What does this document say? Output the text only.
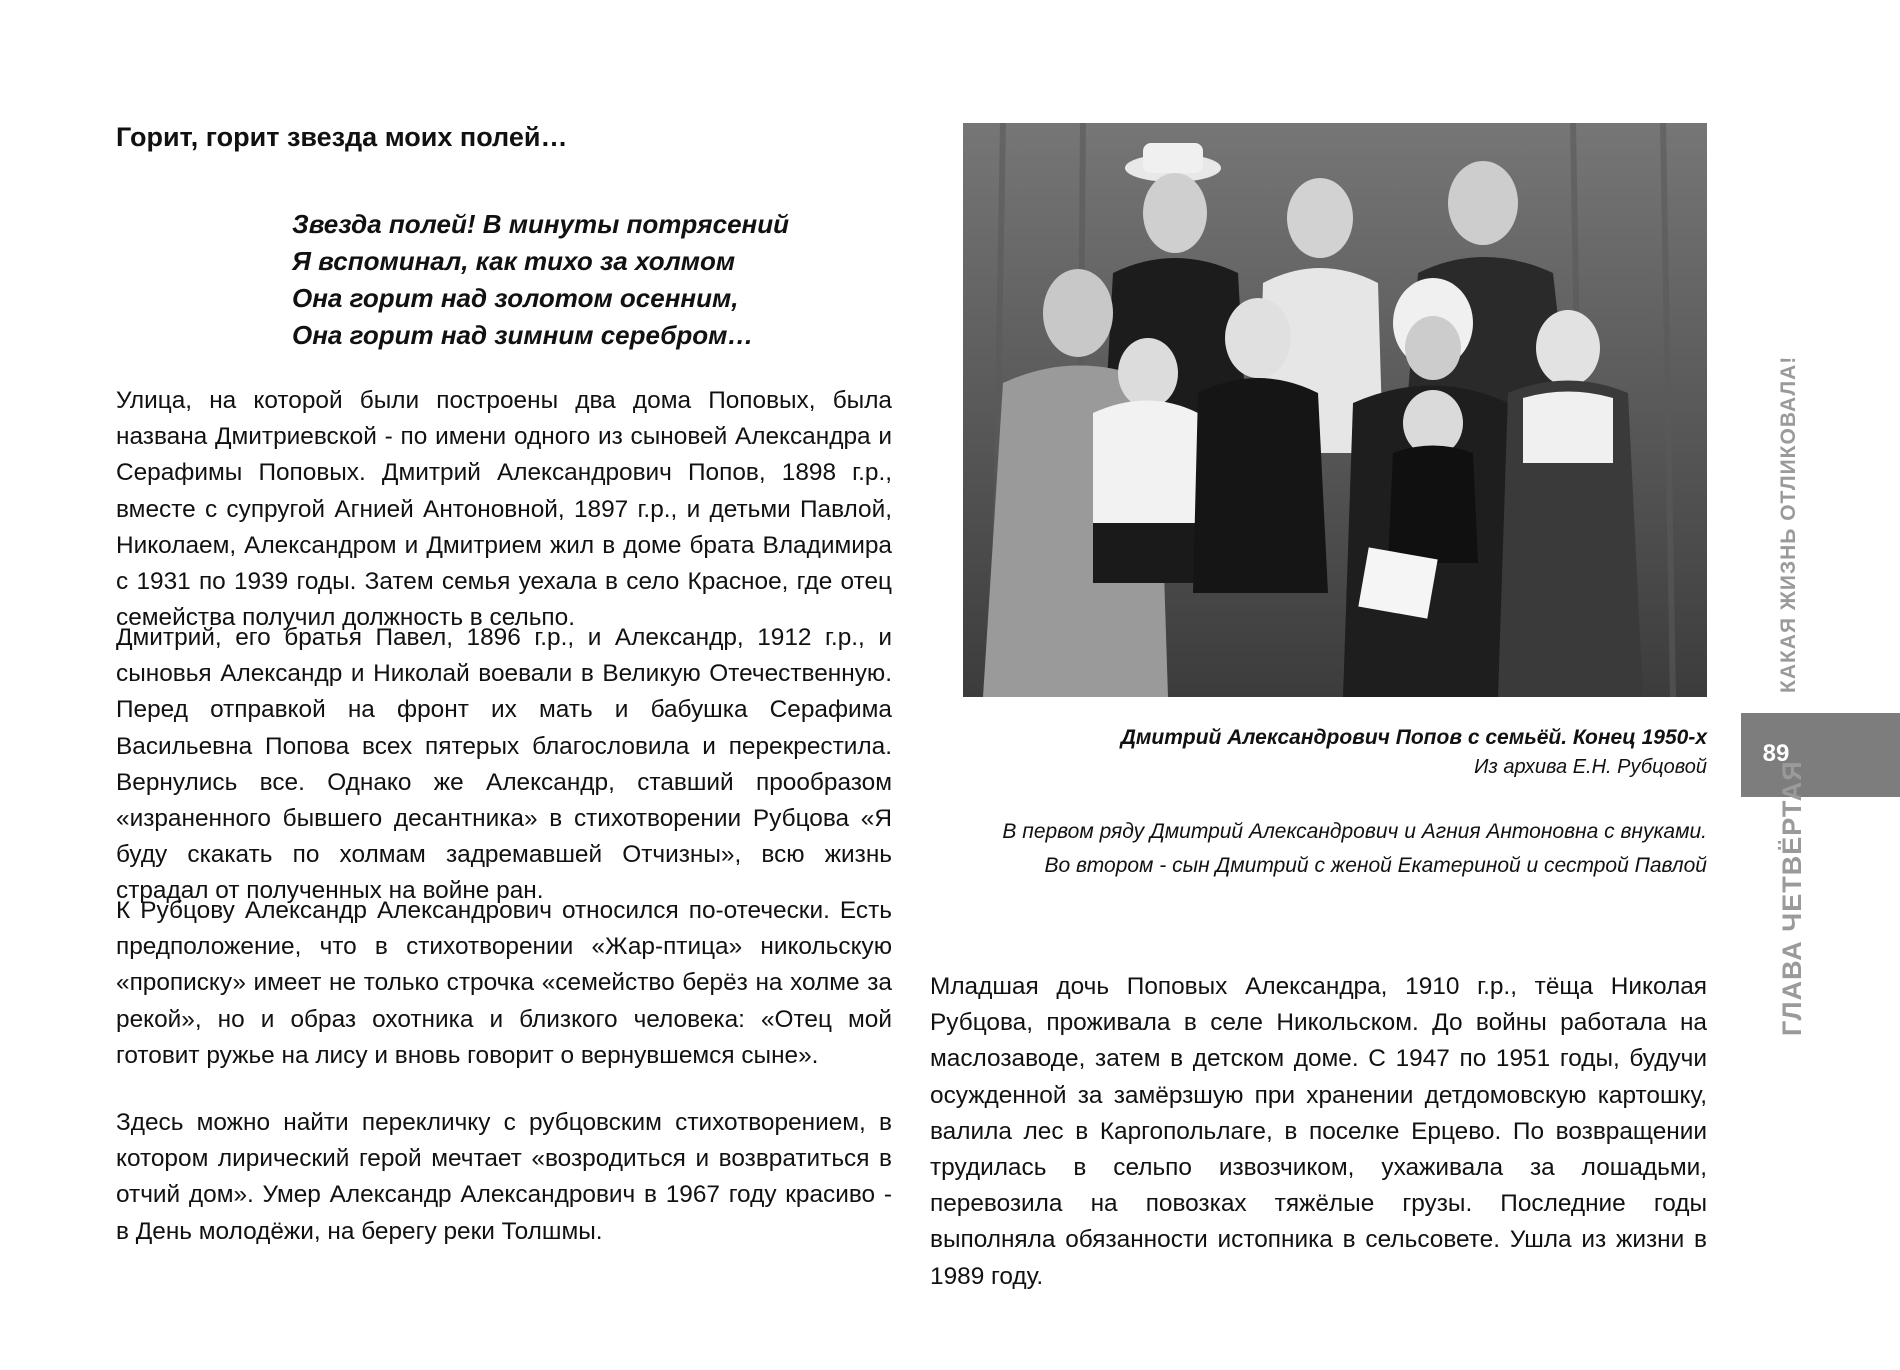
Горит, горит звезда моих полей…
Звезда полей! В минуты потрясений
Я вспоминал, как тихо за холмом
Она горит над золотом осенним,
Она горит над зимним серебром…

Улица, на которой были построены два дома Поповых, была названа Дмитриевской - по имени одного из сыновей Александра и Серафимы Поповых. Дмитрий Александрович Попов, 1898 г.р., вместе с супругой Агнией Антоновной, 1897 г.р., и детьми Павлой, Николаем, Александром и Дмитрием жил в доме брата Владимира с 1931 по 1939 годы. Затем семья уехала в село Красное, где отец семейства получил должность в сельпо.

Дмитрий, его братья Павел, 1896 г.р., и Александр, 1912 г.р., и сыновья Александр и Николай воевали в Великую Отечественную. Перед отправкой на фронт их мать и бабушка Серафима Васильевна Попова всех пятерых благословила и перекрестила. Вернулись все. Однако же Александр, ставший прообразом «израненного бывшего десантника» в стихотворении Рубцова «Я буду скакать по холмам задремавшей Отчизны», всю жизнь страдал от полученных на войне ран.

К Рубцову Александр Александрович относился по-отечески. Есть предположение, что в стихотворении «Жар-птица» никольскую «прописку» имеет не только строчка «семейство берёз на холме за рекой», но и образ охотника и близкого человека: «Отец мой готовит ружье на лису и вновь говорит о вернувшемся сыне».

Здесь можно найти перекличку с рубцовским стихотворением, в котором лирический герой мечтает «возродиться и возвратиться в отчий дом». Умер Александр Александрович в 1967 году красиво - в День молодёжи, на берегу реки Толшмы.

Дмитрий Александрович Попов с семьёй. Конец 1950-х
Из архива Е.Н. Рубцовой
В первом ряду Дмитрий Александрович и Агния Антоновна с внуками.
Во втором - сын Дмитрий с женой Екатериной и сестрой Павлой

Младшая дочь Поповых Александра, 1910 г.р., тёща Николая Рубцова, проживала в селе Никольском. До войны работала на маслозаводе, затем в детском доме. С 1947 по 1951 годы, будучи осужденной за замёрзшую при хранении детдомовскую картошку, валила лес в Каргопольлаге, в поселке Ерцево. По возвращении трудилась в сельпо извозчиком, ухаживала за лошадьми, перевозила на повозках тяжёлые грузы. Последние годы выполняла обязанности истопника в сельсовете. Ушла из жизни в 1989 году.

КАКАЯ ЖИЗНЬ ОТЛИКОВАЛА!
89
ГЛАВА ЧЕТВЁРТАЯ
